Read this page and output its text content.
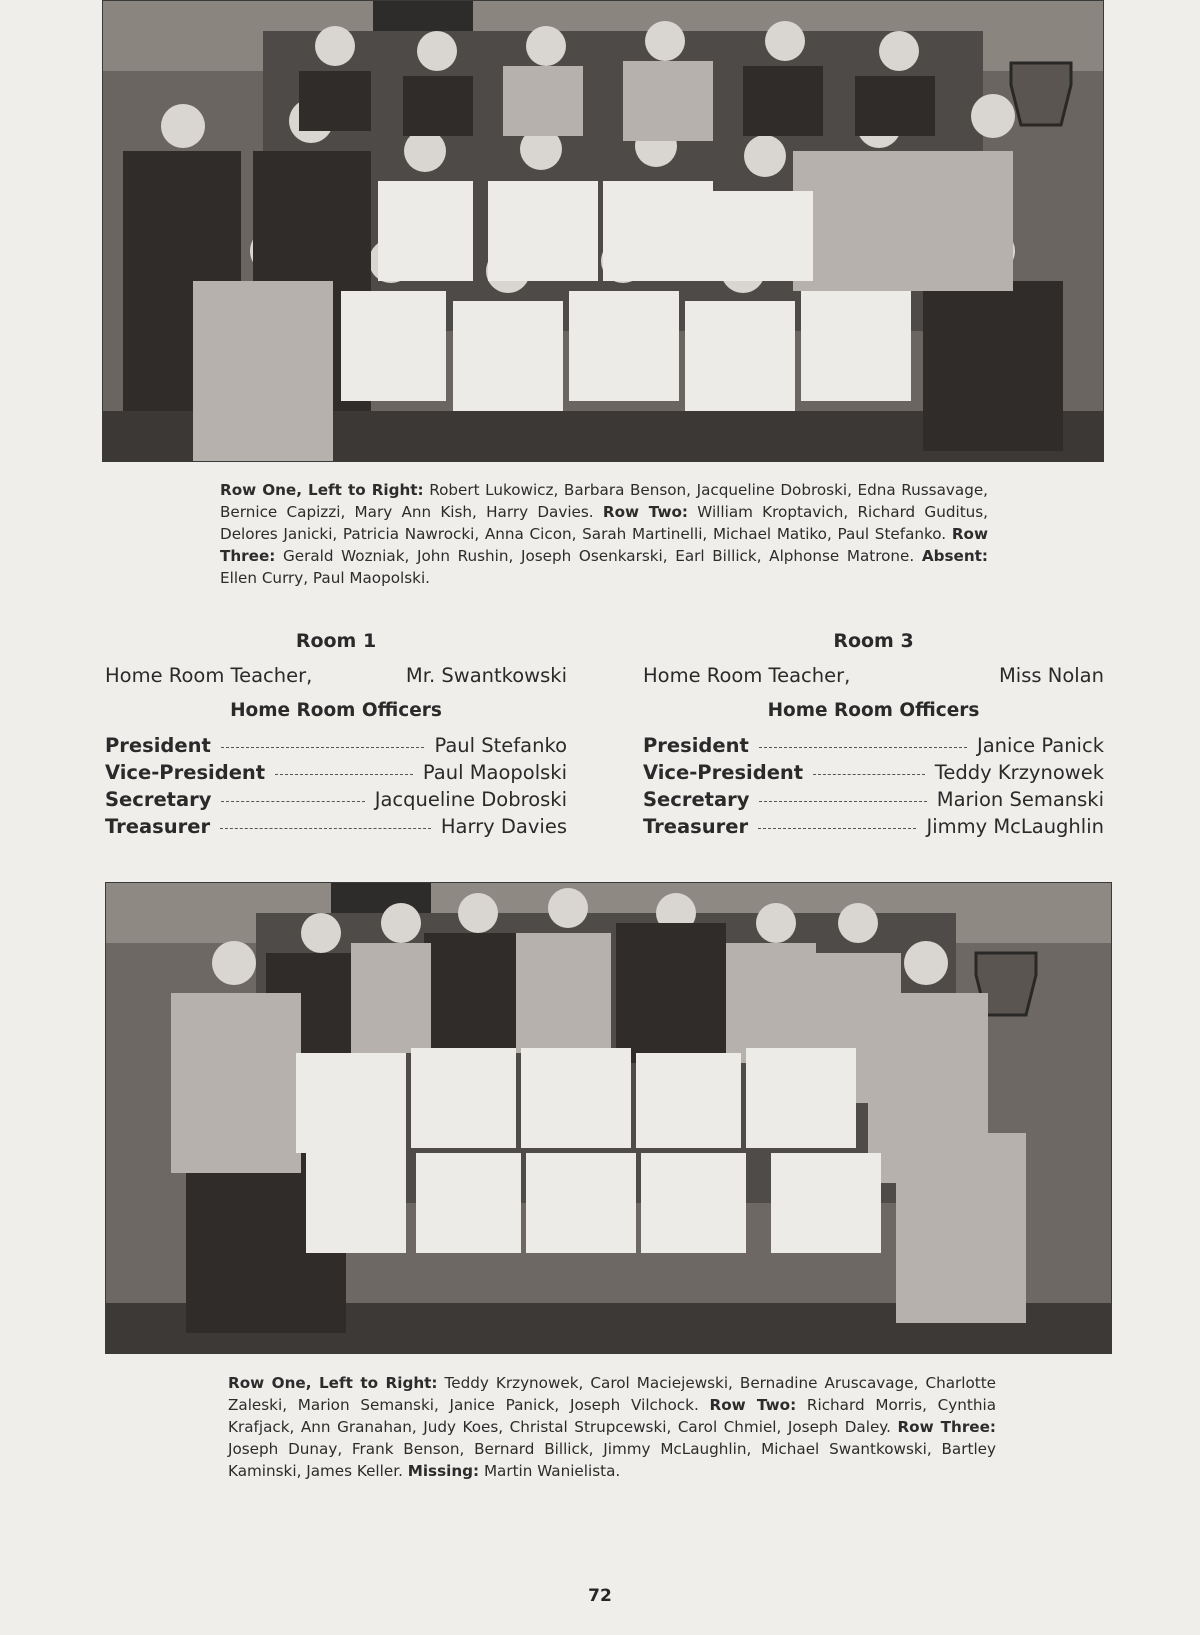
Row One, Left to Right: Robert Lukowicz, Barbara Benson, Jacqueline Dobroski, Edna Russavage, Bernice Capizzi, Mary Ann Kish, Harry Davies. Row Two: William Kroptavich, Richard Guditus, Delores Janicki, Patricia Nawrocki, Anna Cicon, Sarah Martinelli, Michael Matiko, Paul Stefanko. Row Three: Gerald Wozniak, John Rushin, Joseph Osenkarski, Earl Billick, Alphonse Matrone. Absent: Ellen Curry, Paul Maopolski.
Room 1
Home Room Teacher,	Mr. Swantkowski
Home Room Officers
President	Paul Stefanko
Vice-President	Paul Maopolski
Secretary	Jacqueline Dobroski
Treasurer	Harry Davies
Room 3
Home Room Teacher,	Miss Nolan
Home Room Officers
President	Janice Panick
Vice-President	Teddy Krzynowek
Secretary	Marion Semanski
Treasurer	Jimmy McLaughlin
Row One, Left to Right: Teddy Krzynowek, Carol Maciejewski, Bernadine Aruscavage, Charlotte Zaleski, Marion Semanski, Janice Panick, Joseph Vilchock. Row Two: Richard Morris, Cynthia Krafjack, Ann Granahan, Judy Koes, Christal Strupcewski, Carol Chmiel, Joseph Daley. Row Three: Joseph Dunay, Frank Benson, Bernard Billick, Jimmy McLaughlin, Michael Swantkowski, Bartley Kaminski, James Keller. Missing: Martin Wanielista.
72
